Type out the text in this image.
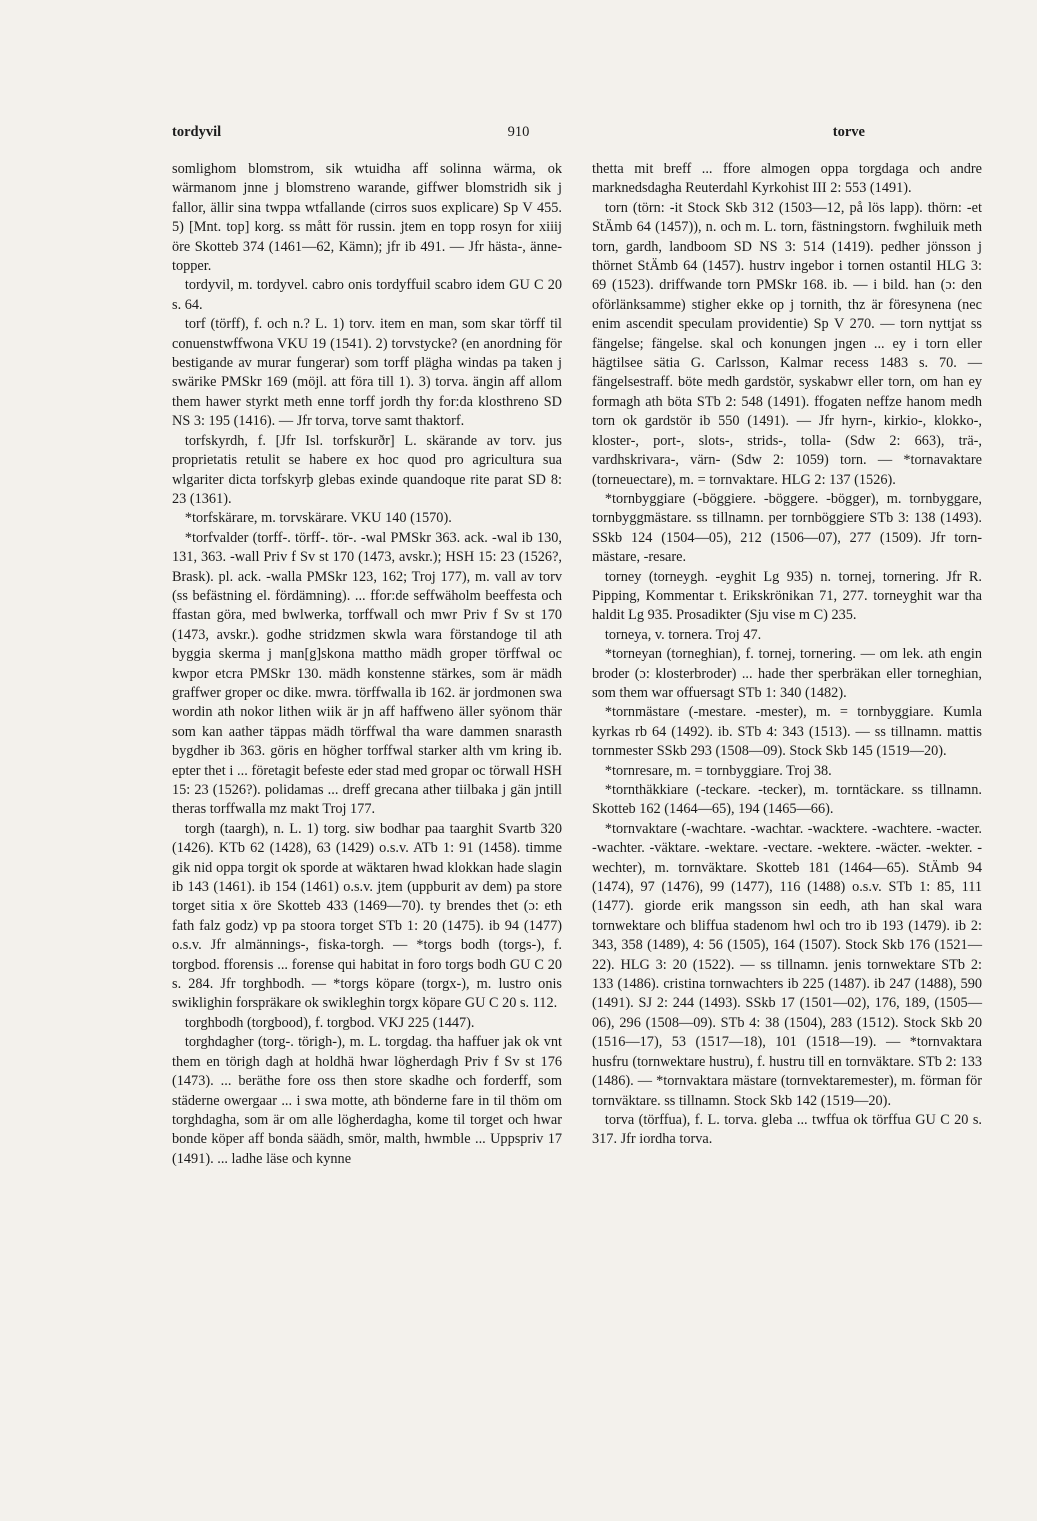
tordyvil	910	torve

somlighom blomstrom, sik wtuidha aff solinna wärma, ok wärmanom jnne j blomstreno warande, giffwer blomstridh sik j fallor, ällir sina twppa wtfallande (cirros suos explicare) Sp V 455. 5) [Mnt. top] korg. ss mått för russin. jtem en topp rosyn for xiiij öre Skotteb 374 (1461—62, Kämn); jfr ib 491. — Jfr hästa-, änne-topper.

tordyvil, m. tordyvel. cabro onis tordyffuil scabro idem GU C 20 s. 64.

torf (törff), f. och n.? L. 1) torv. item en man, som skar törff til conuenstwffwona VKU 19 (1541). 2) torvstycke? (en anordning för bestigande av murar fungerar) som torff plägha windas pa taken j swärike PMSkr 169 (möjl. att föra till 1). 3) torva. ängin aff allom them hawer styrkt meth enne torff jordh thy for:da klosthreno SD NS 3: 195 (1416). — Jfr torva, torve samt thaktorf.

torfskyrdh, f. [Jfr Isl. torfskurðr] L. skärande av torv. jus proprietatis retulit se habere ex hoc quod pro agricultura sua wlgariter dicta torfskyrþ glebas exinde quandoque rite parat SD 8: 23 (1361).

*torfskärare, m. torvskärare. VKU 140 (1570).

*torfvalder (torff-. törff-. tör-. -wal PMSkr 363. ack. -wal ib 130, 131, 363. -wall Priv f Sv st 170 (1473, avskr.); HSH 15: 23 (1526?, Brask). pl. ack. -walla PMSkr 123, 162; Troj 177), m. vall av torv (ss befästning el. fördämning). ... ffor:de seffwäholm beeffesta och ffastan göra, med bwlwerka, torffwall och mwr Priv f Sv st 170 (1473, avskr.). godhe stridzmen skwla wara förstandoge til ath byggia skerma j man[g]skona mattho mädh groper törffwal oc kwpor etcra PMSkr 130. mädh konstenne stärkes, som är mädh graffwer groper oc dike. mwra. törffwalla ib 162. är jordmonen swa wordin ath nokor lithen wiik är jn aff haffweno äller syönom thär som kan aather täppas mädh törffwal tha ware dammen snarasth bygdher ib 363. göris en högher torffwal starker alth vm kring ib. epter thet i ... företagit befeste eder stad med gropar oc törwall HSH 15: 23 (1526?). polidamas ... dreff grecana ather tiilbaka j gän jntill theras torffwalla mz makt Troj 177.

torgh (taargh), n. L. 1) torg. siw bodhar paa taarghit Svartb 320 (1426). KTb 62 (1428), 63 (1429) o.s.v. ATb 1: 91 (1458). timme gik nid oppa torgit ok sporde at wäktaren hwad klokkan hade slagin ib 143 (1461). ib 154 (1461) o.s.v. jtem (uppburit av dem) pa store torget sitia x öre Skotteb 433 (1469—70). ty brendes thet (ɔ: eth fath falz godz) vp pa stoora torget STb 1: 20 (1475). ib 94 (1477) o.s.v. Jfr almännings-, fiska-torgh. — *torgs bodh (torgs-), f. torgbod. fforensis ... forense qui habitat in foro torgs bodh GU C 20 s. 284. Jfr torghbodh. — *torgs köpare (torgx-), m. lustro onis swiklighin forspräkare ok swikleghin torgx köpare GU C 20 s. 112.

torghbodh (torgbood), f. torgbod. VKJ 225 (1447).

torghdagher (torg-. törigh-), m. L. torgdag. tha haffuer jak ok vnt them en törigh dagh at holdhä hwar lögherdagh Priv f Sv st 176 (1473). ... beräthe fore oss then store skadhe och forderff, som städerne owergaar ... i swa motte, ath bönderne fare in til thöm om torghdagha, som är om alle lögherdagha, kome til torget och hwar bonde köper aff bonda säädh, smör, malth, hwmble ... Uppspriv 17 (1491). ... ladhe läse och kynne

thetta mit breff ... ffore almogen oppa torgdaga och andre marknedsdagha Reuterdahl Kyrkohist III 2: 553 (1491).

torn (törn: -it Stock Skb 312 (1503—12, på lös lapp). thörn: -et StÄmb 64 (1457)), n. och m. L. torn, fästningstorn. fwghiluik meth torn, gardh, landboom SD NS 3: 514 (1419). pedher jönsson j thörnet StÄmb 64 (1457). hustrv ingebor i tornen ostantil HLG 3: 69 (1523). driffwande torn PMSkr 168. ib. — i bild. han (ɔ: den oförlänksamme) stigher ekke op j tornith, thz är föresynena (nec enim ascendit speculam providentie) Sp V 270. — torn nyttjat ss fängelse; fängelse. skal och konungen jngen ... ey i torn eller hägtilsee sätia G. Carlsson, Kalmar recess 1483 s. 70. — fängelsestraff. böte medh gardstör, syskabwr eller torn, om han ey formagh ath böta STb 2: 548 (1491). ffogaten neffze hanom medh torn ok gardstör ib 550 (1491). — Jfr hyrn-, kirkio-, klokko-, kloster-, port-, slots-, strids-, tolla- (Sdw 2: 663), trä-, vardhskrivara-, värn- (Sdw 2: 1059) torn. — *tornavaktare (torneuectare), m. = tornvaktare. HLG 2: 137 (1526).

*tornbyggiare (-böggiere. -böggere. -bögger), m. tornbyggare, tornbyggmästare. ss tillnamn. per tornböggiere STb 3: 138 (1493). SSkb 124 (1504—05), 212 (1506—07), 277 (1509). Jfr torn-mästare, -resare.

torney (torneygh. -eyghit Lg 935) n. tornej, tornering. Jfr R. Pipping, Kommentar t. Erikskrönikan 71, 277. torneyghit war tha haldit Lg 935. Prosadikter (Sju vise m C) 235.

torneya, v. tornera. Troj 47.

*torneyan (torneghian), f. tornej, tornering. — om lek. ath engin broder (ɔ: klosterbroder) ... hade ther sperbräkan eller torneghian, som them war offuersagt STb 1: 340 (1482).

*tornmästare (-mestare. -mester), m. = tornbyggiare. Kumla kyrkas rb 64 (1492). ib. STb 4: 343 (1513). — ss tillnamn. mattis tornmester SSkb 293 (1508—09). Stock Skb 145 (1519—20).

*tornresare, m. = tornbyggiare. Troj 38.

*tornthäkkiare (-teckare. -tecker), m. torntäckare. ss tillnamn. Skotteb 162 (1464—65), 194 (1465—66).

*tornvaktare (-wachtare. -wachtar. -wacktere. -wachtere. -wacter. -wachter. -väktare. -wektare. -vectare. -wektere. -wäcter. -wekter. -wechter), m. tornväktare. Skotteb 181 (1464—65). StÄmb 94 (1474), 97 (1476), 99 (1477), 116 (1488) o.s.v. STb 1: 85, 111 (1477). giorde erik mangsson sin eedh, ath han skal wara tornwektare och bliffua stadenom hwl och tro ib 193 (1479). ib 2: 343, 358 (1489), 4: 56 (1505), 164 (1507). Stock Skb 176 (1521—22). HLG 3: 20 (1522). — ss tillnamn. jenis tornwektare STb 2: 133 (1486). cristina tornwachters ib 225 (1487). ib 247 (1488), 590 (1491). SJ 2: 244 (1493). SSkb 17 (1501—02), 176, 189, (1505—06), 296 (1508—09). STb 4: 38 (1504), 283 (1512). Stock Skb 20 (1516—17), 53 (1517—18), 101 (1518—19). — *tornvaktara husfru (tornwektare hustru), f. hustru till en tornväktare. STb 2: 133 (1486). — *tornvaktara mästare (tornvektaremester), m. förman för tornväktare. ss tillnamn. Stock Skb 142 (1519—20).

torva (törffua), f. L. torva. gleba ... twffua ok törffua GU C 20 s. 317. Jfr iordha torva.
